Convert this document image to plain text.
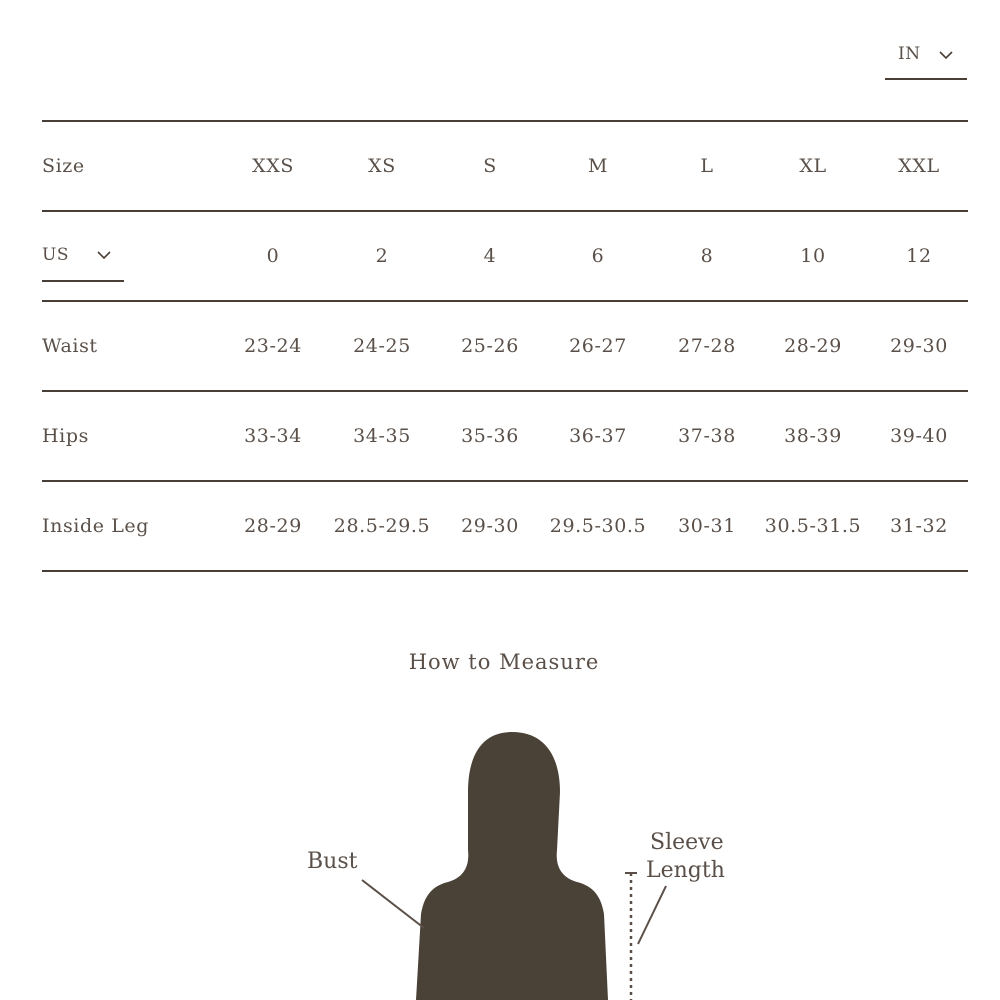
IN
Size	XXS	XS	S	M	L	XL	XXL
US	0	2	4	6	8	10	12
Waist	23-24	24-25	25-26	26-27	27-28	28-29	29-30
Hips	33-34	34-35	35-36	36-37	37-38	38-39	39-40
Inside Leg	28-29	28.5-29.5	29-30	29.5-30.5	30-31	30.5-31.5	31-32
How to Measure
Bust
Sleeve
Length
